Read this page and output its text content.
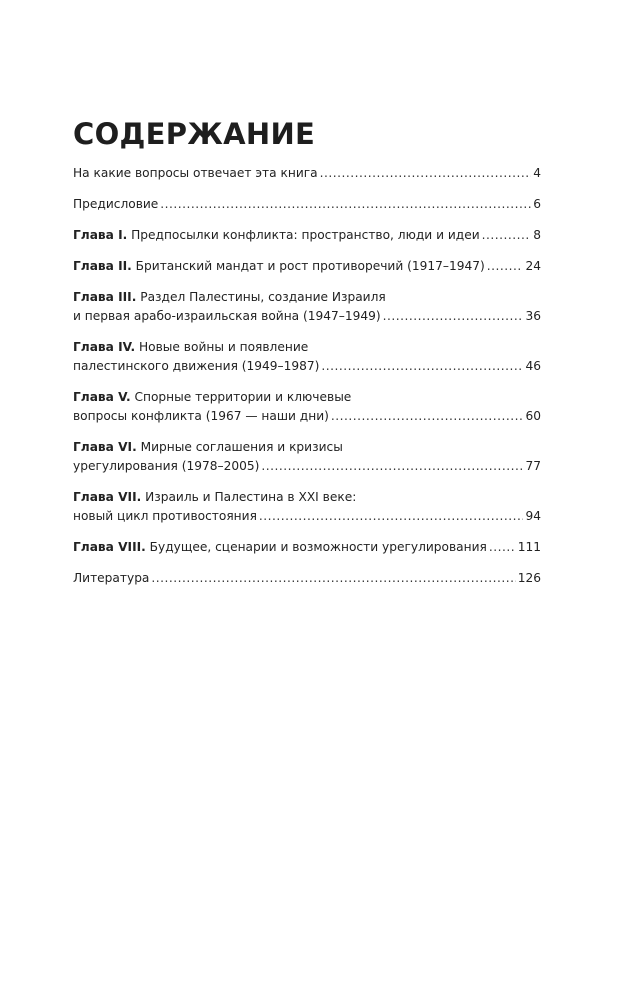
СОДЕРЖАНИЕ
На какие вопросы отвечает эта книга .....	4
Предисловие .....	6
Глава I. Предпосылки конфликта: пространство, люди и идеи .....	8
Глава II. Британский мандат и рост противоречий (1917–1947) .....	24
Глава III. Раздел Палестины, создание Израиля
и первая арабо-израильская война (1947–1949) .....	36
Глава IV. Новые войны и появление
палестинского движения (1949–1987) .....	46
Глава V. Спорные территории и ключевые
вопросы конфликта (1967 — наши дни) .....	60
Глава VI. Мирные соглашения и кризисы
урегулирования (1978–2005) .....	77
Глава VII. Израиль и Палестина в XXI веке:
новый цикл противостояния .....	94
Глава VIII. Будущее, сценарии и возможности урегулирования .....	111
Литература .....	126
